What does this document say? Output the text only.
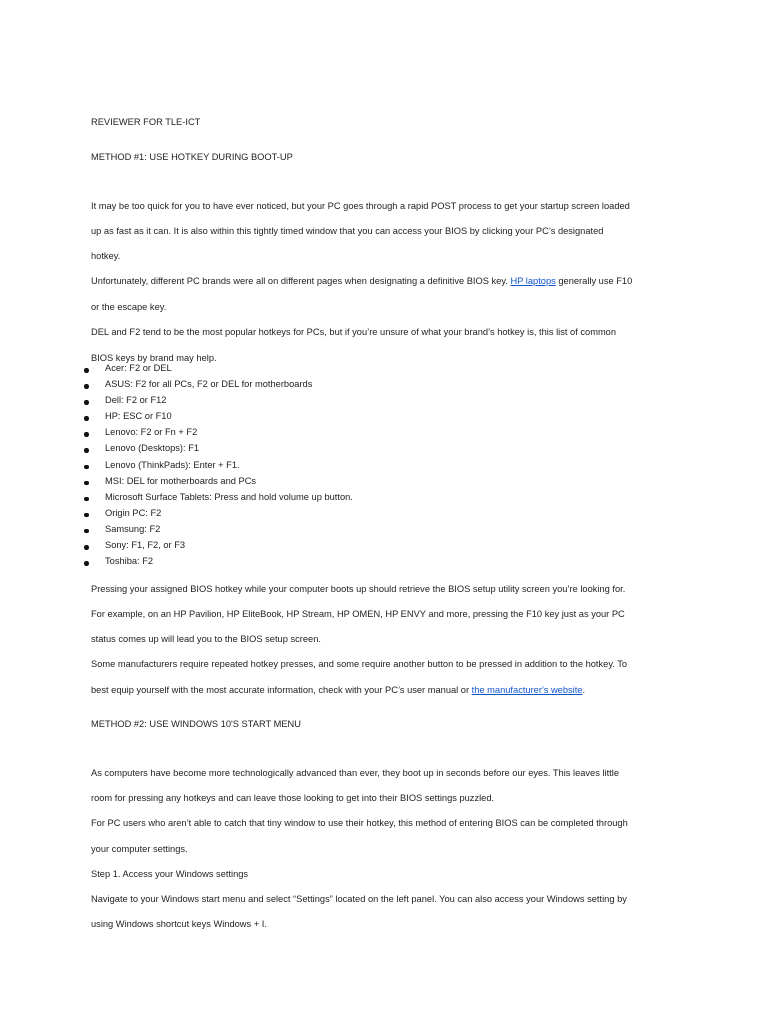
REVIEWER FOR TLE-ICT
METHOD #1: USE HOTKEY DURING BOOT-UP
It may be too quick for you to have ever noticed, but your PC goes through a rapid POST process to get your startup screen loaded
up as fast as it can. It is also within this tightly timed window that you can access your BIOS by clicking your PC’s designated
hotkey.
Unfortunately, different PC brands were all on different pages when designating a definitive BIOS key. HP laptops generally use F10
or the escape key.
DEL and F2 tend to be the most popular hotkeys for PCs, but if you’re unsure of what your brand’s hotkey is, this list of common
BIOS keys by brand may help.
Acer: F2 or DEL
ASUS: F2 for all PCs, F2 or DEL for motherboards
Dell: F2 or F12
HP: ESC or F10
Lenovo: F2 or Fn + F2
Lenovo (Desktops): F1
Lenovo (ThinkPads): Enter + F1.
MSI: DEL for motherboards and PCs
Microsoft Surface Tablets: Press and hold volume up button.
Origin PC: F2
Samsung: F2
Sony: F1, F2, or F3
Toshiba: F2
Pressing your assigned BIOS hotkey while your computer boots up should retrieve the BIOS setup utility screen you’re looking for.
For example, on an HP Pavilion, HP EliteBook, HP Stream, HP OMEN, HP ENVY and more, pressing the F10 key just as your PC
status comes up will lead you to the BIOS setup screen.
Some manufacturers require repeated hotkey presses, and some require another button to be pressed in addition to the hotkey. To
best equip yourself with the most accurate information, check with your PC’s user manual or the manufacturer's website.
METHOD #2: USE WINDOWS 10'S START MENU
As computers have become more technologically advanced than ever, they boot up in seconds before our eyes. This leaves little
room for pressing any hotkeys and can leave those looking to get into their BIOS settings puzzled.
For PC users who aren’t able to catch that tiny window to use their hotkey, this method of entering BIOS can be completed through
your computer settings.
Step 1. Access your Windows settings
Navigate to your Windows start menu and select “Settings” located on the left panel. You can also access your Windows setting by
using Windows shortcut keys Windows + I.
